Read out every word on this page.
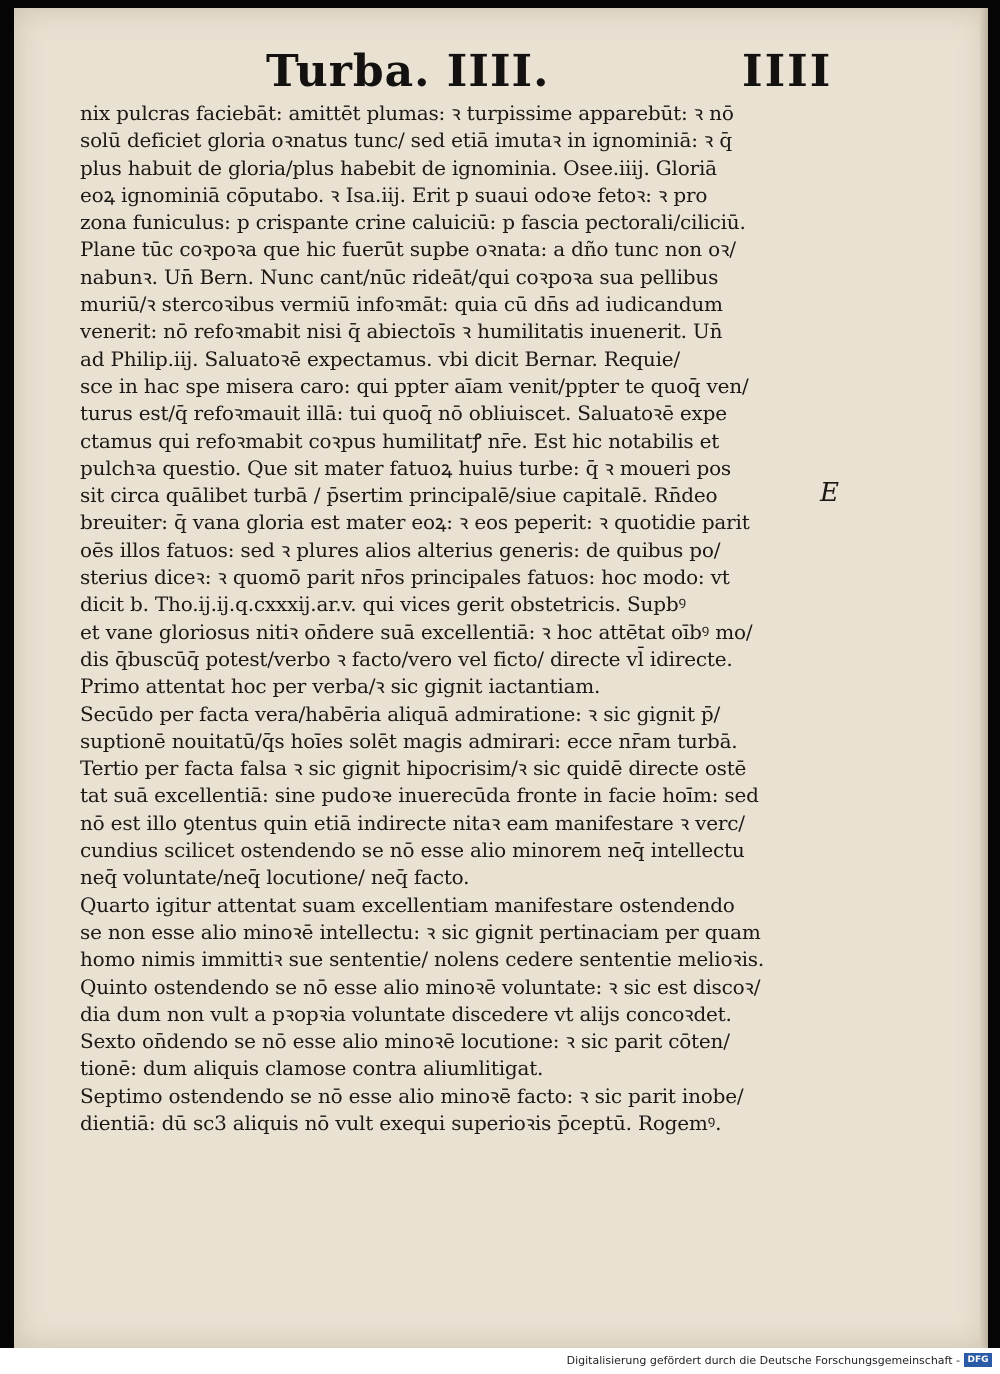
Turba. IIII.	IIII
nix pulcras faciebāt: amittēt plumas: ꝛ turpissime apparebūt: ꝛ nō
solū deficiet gloria oꝛnatus tunc/ sed etiā imutaꝛ in ignominiā: ꝛ q̄
plus habuit de gloria/plus habebit de ignominia. Osee.iiij. Gloriā
eoꝝ ignominiā cōputabo. ꝛ Isa.iij. Erit p suaui odoꝛe fetoꝛ: ꝛ pro
zona funiculus: p crispante crine caluiciū: p fascia pectorali/ciliciū.
Plane tūc coꝛpoꝛa que hic fuerūt supbe oꝛnata: a dño tunc non oꝛ/
nabunꝛ. Un̄ Bern. Nunc cant/nūc rideāt/qui coꝛpoꝛa sua pellibus
muriū/ꝛ stercoꝛibus vermiū infoꝛmāt: quia cū dn̄s ad iudicandum
venerit: nō refoꝛmabit nisi q̄ abiectoīs ꝛ humilitatis inuenerit. Un̄
ad Philip.iij. Saluatoꝛē expectamus. vbi dicit Bernar. Requie/
sce in hac spe misera caro: qui ppter aīam venit/ppter te quoq̄ ven/
turus est/q̄ refoꝛmauit illā: tui quoq̄ nō obliuiscet. Saluatoꝛē expe
ctamus qui refoꝛmabit coꝛpus humilitatꝭ nr̄e. Est hic notabilis et
pulchꝛa questio. Que sit mater fatuoꝝ huius turbe: q̄ ꝛ moueri pos
sit circa quālibet turbā / p̄sertim principalē/siue capitalē. Rn̄deo
breuiter: q̄ vana gloria est mater eoꝝ: ꝛ eos peperit: ꝛ quotidie parit
oēs illos fatuos: sed ꝛ plures alios alterius generis: de quibus po/
sterius diceꝛ: ꝛ quomō parit nr̄os principales fatuos: hoc modo: vt
dicit b. Tho.ij.ij.q.cxxxij.ar.v. qui vices gerit obstetricis. Supbꝰ
et vane gloriosus nitiꝛ on̄dere suā excellentiā: ꝛ hoc attētat oībꝰ mo/
dis q̄buscūq̄ potest/verbo ꝛ facto/vero vel ficto/ directe vl̄ idirecte.
Primo attentat hoc per verba/ꝛ sic gignit iactantiam.
Secūdo per facta vera/habēria aliquā admiratione: ꝛ sic gignit p̄/
suptionē nouitatū/q̄s hoīes solēt magis admirari: ecce nr̄am turbā.
Tertio per facta falsa ꝛ sic gignit hipocrisim/ꝛ sic quidē directe ostē
tat suā excellentiā: sine pudoꝛe inuerecūda fronte in facie hoīm: sed
nō est illo ꝯtentus quin etiā indirecte nitaꝛ eam manifestare ꝛ verc/
cundius scilicet ostendendo se nō esse alio minorem neq̄ intellectu
neq̄ voluntate/neq̄ locutione/ neq̄ facto.
Quarto igitur attentat suam excellentiam manifestare ostendendo
se non esse alio minoꝛē intellectu: ꝛ sic gignit pertinaciam per quam
homo nimis immittiꝛ sue sententie/ nolens cedere sententie melioꝛis.
Quinto ostendendo se nō esse alio minoꝛē voluntate: ꝛ sic est discoꝛ/
dia dum non vult a pꝛopꝛia voluntate discedere vt alijs concoꝛdet.
Sexto on̄dendo se nō esse alio minoꝛē locutione: ꝛ sic parit cōten/
tionē: dum aliquis clamose contra aliumlitigat.
Septimo ostendendo se nō esse alio minoꝛē facto: ꝛ sic parit inobe/
dientiā: dū sc3 aliquis nō vult exequi superioꝛis p̄ceptū. Rogemꝰ.
E
Digitalisierung gefördert durch die Deutsche Forschungsgemeinschaft - DFG
